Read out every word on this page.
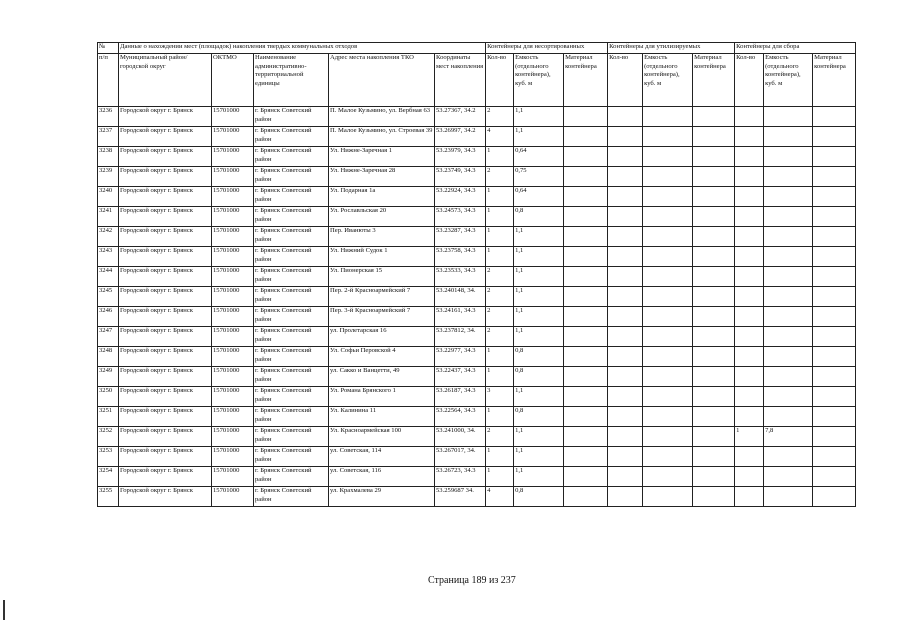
№	Данные о нахождении мест (площадок) накопления твердых коммунальных отходов					Контейнеры для несортированных			Контейнеры для утилизируемых			Контейнеры для сбора		
п/п	Муниципальный район/городской округ	ОКТМО	Наименование административно-территориальной единицы	Адрес места накопления ТКО	Координаты мест накопления	Кол-во	Емкость (отдельного контейнера), куб. м	Материал контейнера	Кол-во	Емкость (отдельного контейнера), куб. м	Материал контейнера	Кол-во	Емкость (отдельного контейнера), куб. м	Материал контейнера
3236	Городской округ г. Брянск	15701000	г. Брянск Советский район	П. Малое Кузьмино, ул. Вербная 63	53.27367, 34.2	2	1,1							
3237	Городской округ г. Брянск	15701000	г. Брянск Советский район	П. Малое Кузьмино, ул. Строевая 39	53.26997, 34.2	4	1,1							
3238	Городской округ г. Брянск	15701000	г. Брянск Советский район	Ул. Нижне-Заречная 1	53.23979, 34.3	1	0,64							
3239	Городской округ г. Брянск	15701000	г. Брянск Советский район	Ул. Нижне-Заречная 28	53.23749, 34.3	2	0,75							
3240	Городской округ г. Брянск	15701000	г. Брянск Советский район	Ул. Подарная 1а	53.22924, 34.3	1	0,64							
3241	Городской округ г. Брянск	15701000	г. Брянск Советский район	Ул. Рославльская 20	53.24573, 34.3	1	0,8							
3242	Городской округ г. Брянск	15701000	г. Брянск Советский район	Пер. Иванюты 3	53.23287, 34.3	1	1,1							
3243	Городской округ г. Брянск	15701000	г. Брянск Советский район	Ул. Нижний Судок 1	53.23758, 34.3	1	1,1							
3244	Городской округ г. Брянск	15701000	г. Брянск Советский район	Ул. Пионерская 15	53.23533, 34.3	2	1,1							
3245	Городской округ г. Брянск	15701000	г. Брянск Советский район	Пер. 2-й Красноармейский 7	53.240148, 34.	2	1,1							
3246	Городской округ г. Брянск	15701000	г. Брянск Советский район	Пер. 3-й Красноармейский 7	53.24161, 34.3	2	1,1							
3247	Городской округ г. Брянск	15701000	г. Брянск Советский район	ул. Пролетарская 16	53.237812, 34.	2	1,1							
3248	Городской округ г. Брянск	15701000	г. Брянск Советский район	Ул. Софьи Перовской 4	53.22977, 34.3	1	0,8							
3249	Городской округ г. Брянск	15701000	г. Брянск Советский район	ул. Сакко и Ванцетти, 49	53.22437, 34.3	1	0,8							
3250	Городской округ г. Брянск	15701000	г. Брянск Советский район	Ул. Романа Брянского 1	53.26187, 34.3	3	1,1							
3251	Городской округ г. Брянск	15701000	г. Брянск Советский район	Ул. Калинина 11	53.22564, 34.3	1	0,8							
3252	Городской округ г. Брянск	15701000	г. Брянск Советский район	Ул. Красноармейская 100	53.241000, 34.	2	1,1					1	7,8	
3253	Городской округ г. Брянск	15701000	г. Брянск Советский район	ул. Советская, 114	53.267017, 34.	1	1,1							
3254	Городской округ г. Брянск	15701000	г. Брянск Советский район	ул. Советская, 116	53.26723, 34.3	1	1,1							
3255	Городской округ г. Брянск	15701000	г. Брянск Советский район	ул. Крахмалева 29	53.259687 34.	4	0,8							
Страница 189 из 237
